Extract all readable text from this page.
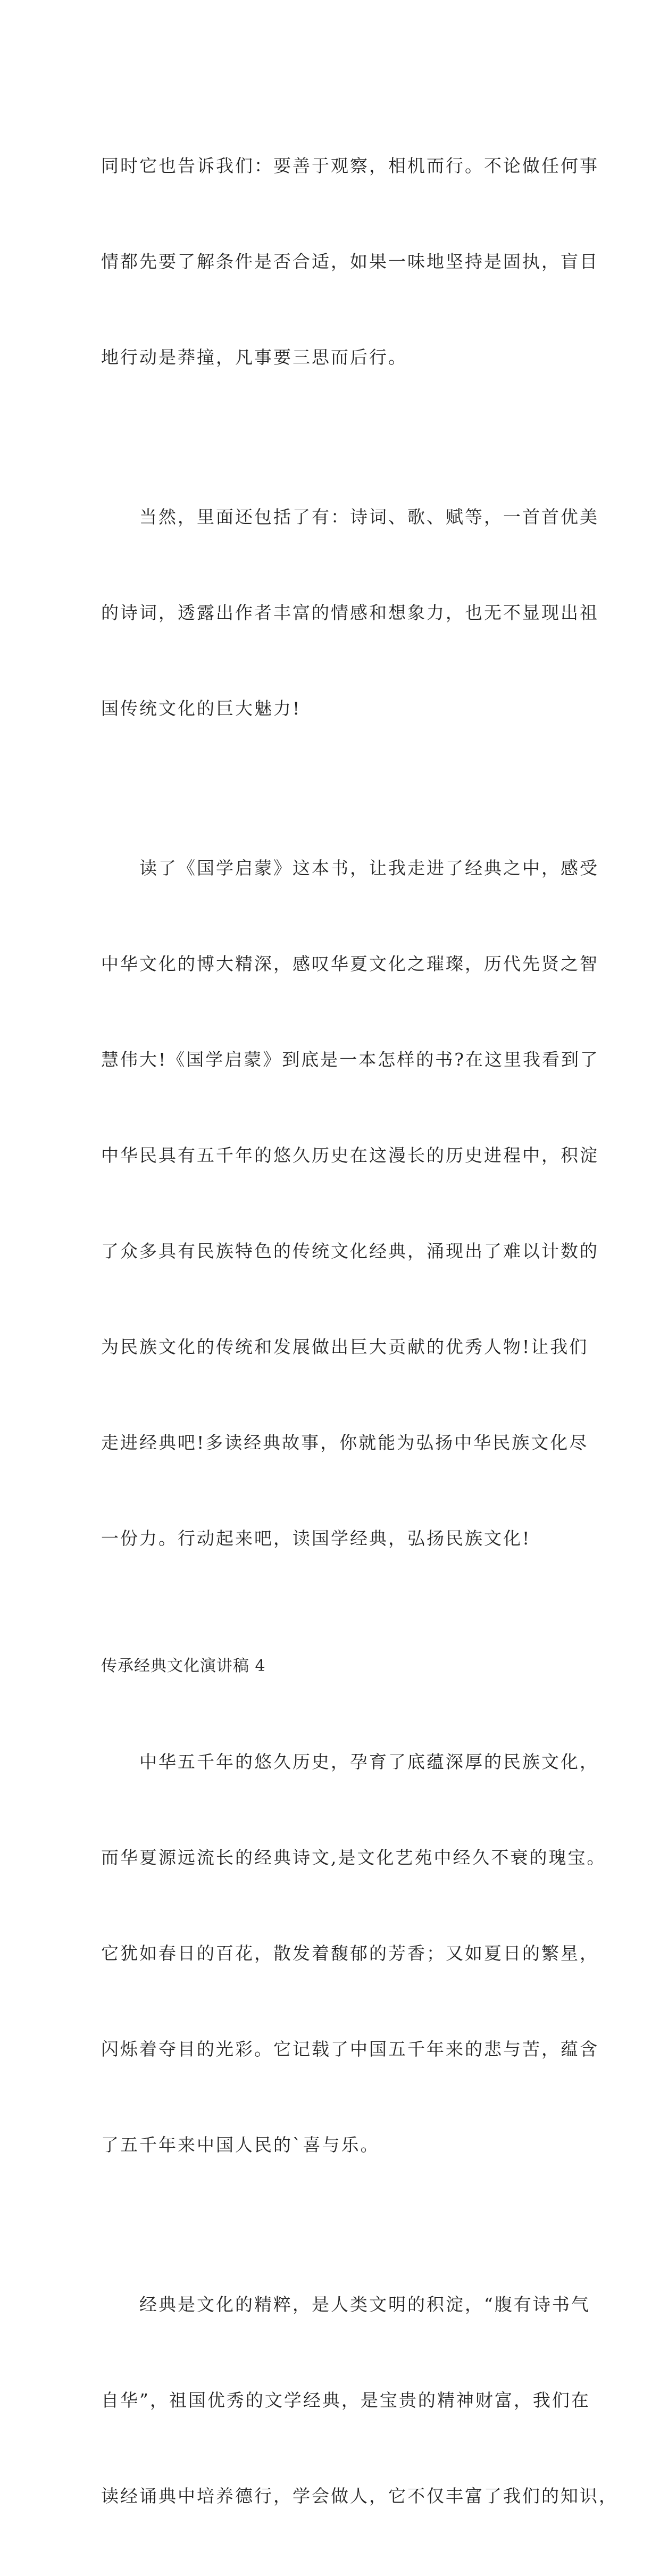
同时它也告诉我们：要善于观察，相机而行。不论做任何事

情都先要了解条件是否合适，如果一味地坚持是固执，盲目

地行动是莽撞，凡事要三思而后行。

　　当然，里面还包括了有：诗词、歌、赋等，一首首优美

的诗词，透露出作者丰富的情感和想象力，也无不显现出祖

国传统文化的巨大魅力!

　　读了《国学启蒙》这本书，让我走进了经典之中，感受

中华文化的博大精深，感叹华夏文化之璀璨，历代先贤之智

慧伟大!《国学启蒙》到底是一本怎样的书?在这里我看到了

中华民具有五千年的悠久历史在这漫长的历史进程中，积淀

了众多具有民族特色的传统文化经典，涌现出了难以计数的

为民族文化的传统和发展做出巨大贡献的优秀人物!让我们

走进经典吧!多读经典故事，你就能为弘扬中华民族文化尽

一份力。行动起来吧，读国学经典，弘扬民族文化!

传承经典文化演讲稿 4

　　中华五千年的悠久历史，孕育了底蕴深厚的民族文化，

而华夏源远流长的经典诗文,是文化艺苑中经久不衰的瑰宝。

它犹如春日的百花，散发着馥郁的芳香；又如夏日的繁星，

闪烁着夺目的光彩。它记载了中国五千年来的悲与苦，蕴含

了五千年来中国人民的`喜与乐。

　　经典是文化的精粹，是人类文明的积淀，“腹有诗书气

自华”，祖国优秀的文学经典，是宝贵的精神财富，我们在

读经诵典中培养德行，学会做人，它不仅丰富了我们的知识，
